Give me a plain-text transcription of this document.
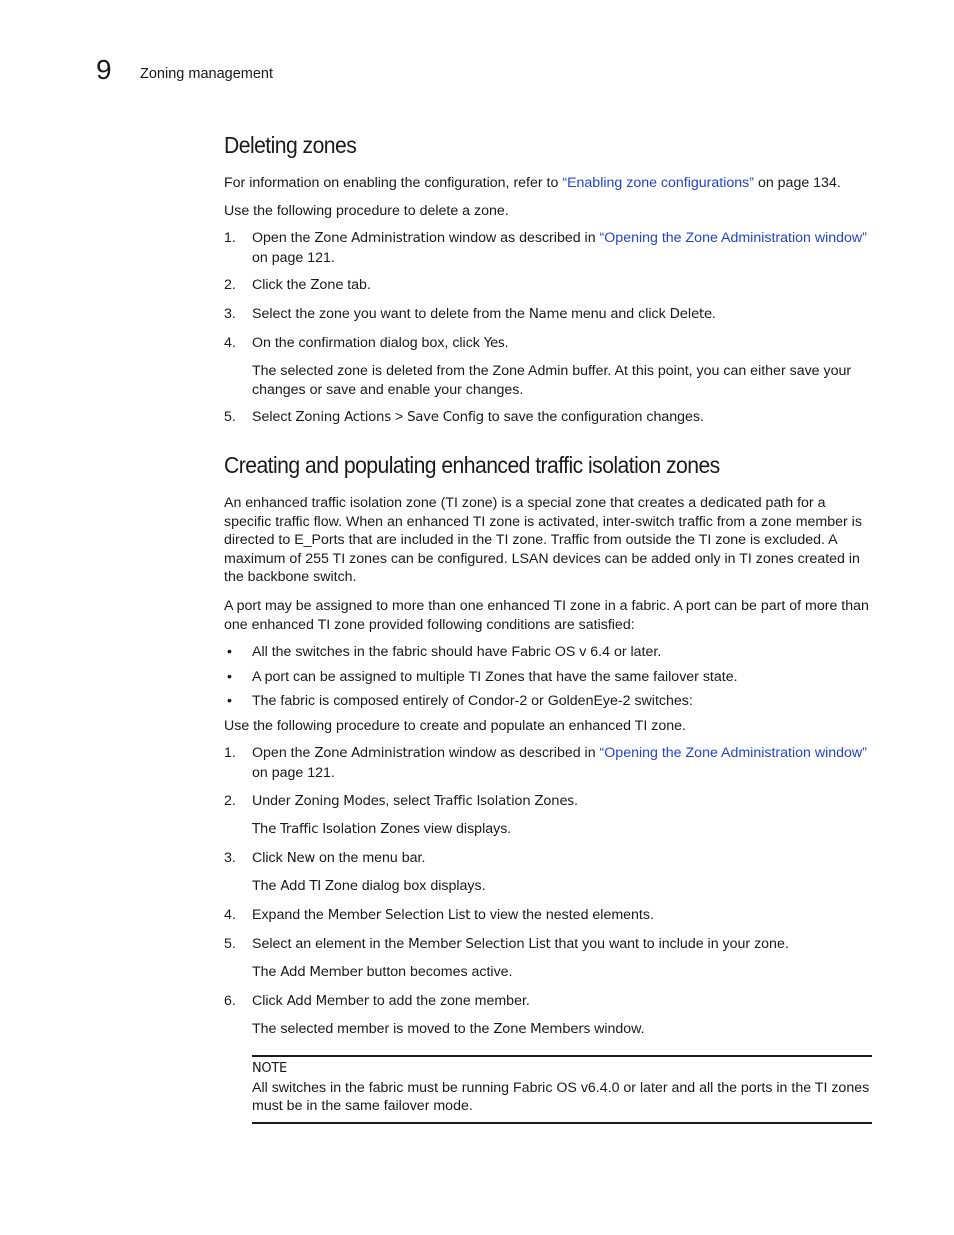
9 Zoning management
Deleting zones

For information on enabling the configuration, refer to “Enabling zone configurations” on page 134.

Use the following procedure to delete a zone.

1. Open the Zone Administration window as described in “Opening the Zone Administration window” on page 121.
2. Click the Zone tab.
3. Select the zone you want to delete from the Name menu and click Delete.
4. On the confirmation dialog box, click Yes.

The selected zone is deleted from the Zone Admin buffer. At this point, you can either save your changes or save and enable your changes.

5. Select Zoning Actions > Save Config to save the configuration changes.
Creating and populating enhanced traffic isolation zones

An enhanced traffic isolation zone (TI zone) is a special zone that creates a dedicated path for a specific traffic flow. When an enhanced TI zone is activated, inter-switch traffic from a zone member is directed to E_Ports that are included in the TI zone. Traffic from outside the TI zone is excluded. A maximum of 255 TI zones can be configured. LSAN devices can be added only in TI zones created in the backbone switch.

A port may be assigned to more than one enhanced TI zone in a fabric. A port can be part of more than one enhanced TI zone provided following conditions are satisfied:

• All the switches in the fabric should have Fabric OS v 6.4 or later.
• A port can be assigned to multiple TI Zones that have the same failover state.
• The fabric is composed entirely of Condor-2 or GoldenEye-2 switches:

Use the following procedure to create and populate an enhanced TI zone.

1. Open the Zone Administration window as described in “Opening the Zone Administration window” on page 121.
2. Under Zoning Modes, select Traffic Isolation Zones.

The Traffic Isolation Zones view displays.

3. Click New on the menu bar.

The Add TI Zone dialog box displays.

4. Expand the Member Selection List to view the nested elements.
5. Select an element in the Member Selection List that you want to include in your zone.

The Add Member button becomes active.

6. Click Add Member to add the zone member.

The selected member is moved to the Zone Members window.

NOTE

All switches in the fabric must be running Fabric OS v6.4.0 or later and all the ports in the TI zones must be in the same failover mode.
